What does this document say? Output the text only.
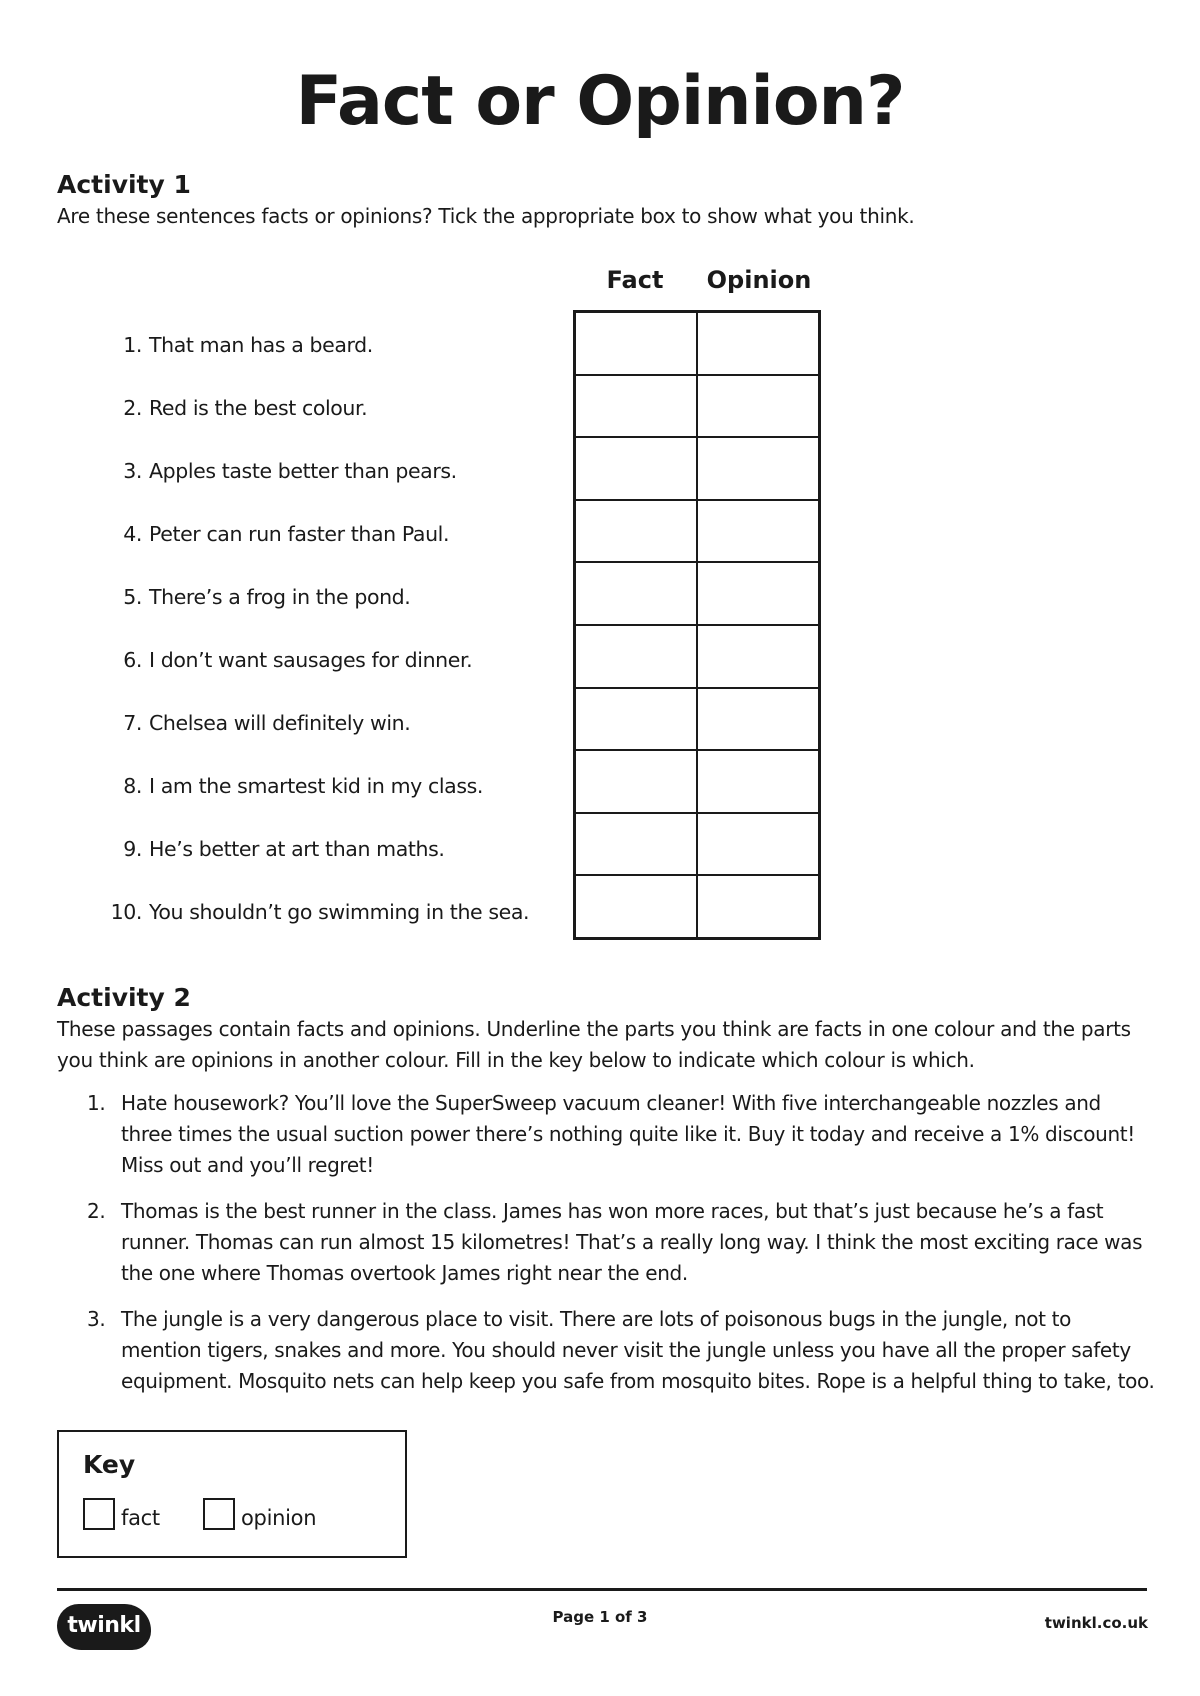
Fact or Opinion?
Activity 1
Are these sentences facts or opinions? Tick the appropriate box to show what you think.
Fact	Opinion
1. That man has a beard.
2. Red is the best colour.
3. Apples taste better than pears.
4. Peter can run faster than Paul.
5. There’s a frog in the pond.
6. I don’t want sausages for dinner.
7. Chelsea will definitely win.
8. I am the smartest kid in my class.
9. He’s better at art than maths.
10. You shouldn’t go swimming in the sea.
Activity 2
These passages contain facts and opinions. Underline the parts you think are facts in one colour and the parts you think are opinions in another colour. Fill in the key below to indicate which colour is which.
1. Hate housework? You’ll love the SuperSweep vacuum cleaner! With five interchangeable nozzles and three times the usual suction power there’s nothing quite like it. Buy it today and receive a 1% discount! Miss out and you’ll regret!
2. Thomas is the best runner in the class. James has won more races, but that’s just because he’s a fast runner. Thomas can run almost 15 kilometres! That’s a really long way. I think the most exciting race was the one where Thomas overtook James right near the end.
3. The jungle is a very dangerous place to visit. There are lots of poisonous bugs in the jungle, not to mention tigers, snakes and more. You should never visit the jungle unless you have all the proper safety equipment. Mosquito nets can help keep you safe from mosquito bites. Rope is a helpful thing to take, too.
Key
fact	opinion
twinkl	Page 1 of 3	twinkl.co.uk
